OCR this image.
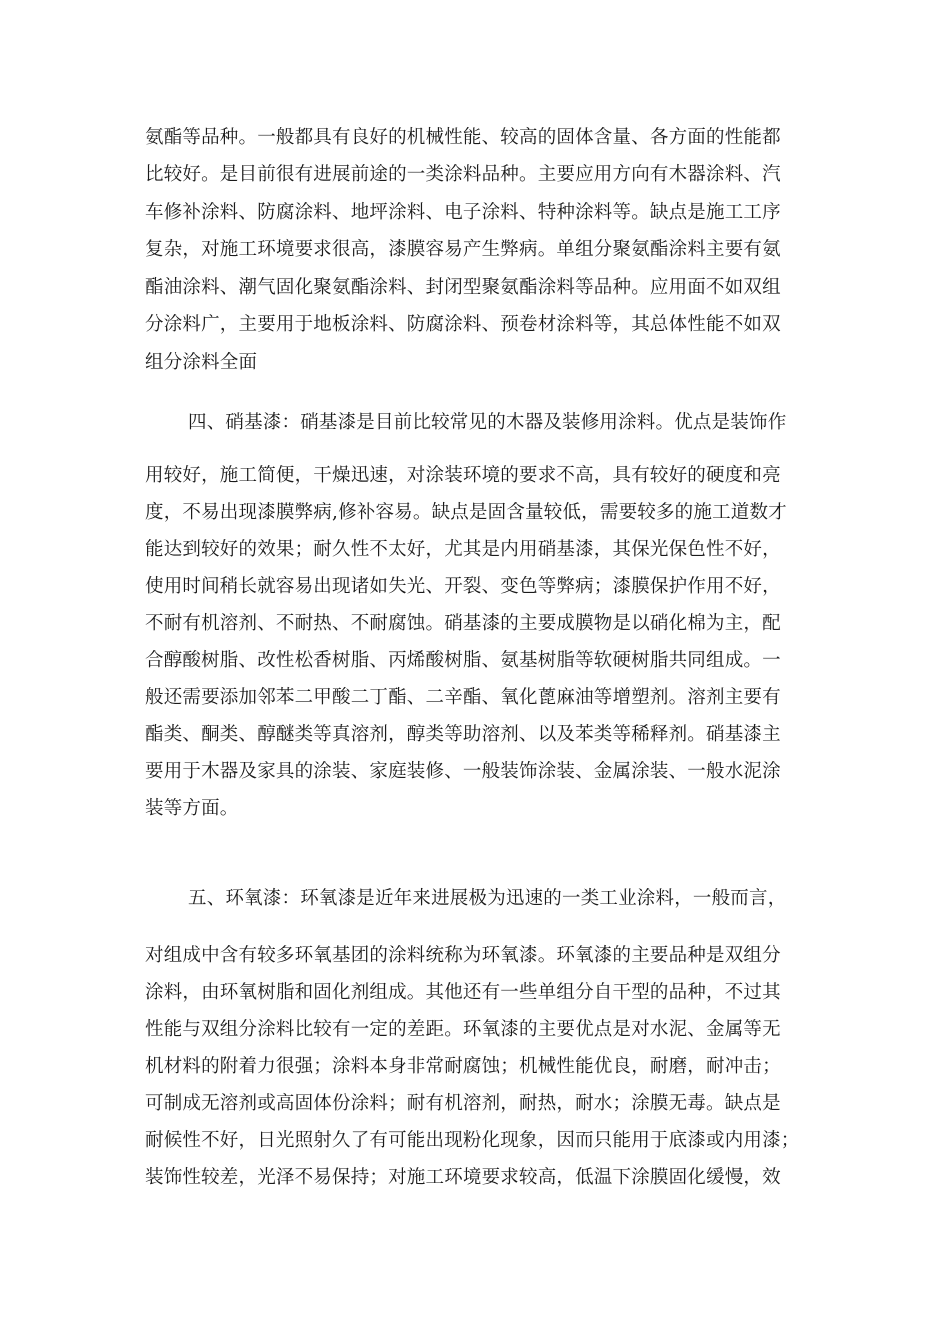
氨酯等品种。一般都具有良好的机械性能、较高的固体含量、各方面的性能都
比较好。是目前很有进展前途的一类涂料品种。主要应用方向有木器涂料、汽
车修补涂料、防腐涂料、地坪涂料、电子涂料、特种涂料等。缺点是施工工序
复杂，对施工环境要求很高，漆膜容易产生弊病。单组分聚氨酯涂料主要有氨
酯油涂料、潮气固化聚氨酯涂料、封闭型聚氨酯涂料等品种。应用面不如双组
分涂料广，主要用于地板涂料、防腐涂料、预卷材涂料等，其总体性能不如双
组分涂料全面
四、硝基漆：硝基漆是目前比较常见的木器及装修用涂料。优点是装饰作
用较好，施工简便，干燥迅速，对涂装环境的要求不高，具有较好的硬度和亮
度，不易出现漆膜弊病,修补容易。缺点是固含量较低，需要较多的施工道数才
能达到较好的效果；耐久性不太好，尤其是内用硝基漆，其保光保色性不好，
使用时间稍长就容易出现诸如失光、开裂、变色等弊病；漆膜保护作用不好，
不耐有机溶剂、不耐热、不耐腐蚀。硝基漆的主要成膜物是以硝化棉为主，配
合醇酸树脂、改性松香树脂、丙烯酸树脂、氨基树脂等软硬树脂共同组成。一
般还需要添加邻苯二甲酸二丁酯、二辛酯、氧化蓖麻油等增塑剂。溶剂主要有
酯类、酮类、醇醚类等真溶剂，醇类等助溶剂、以及苯类等稀释剂。硝基漆主
要用于木器及家具的涂装、家庭装修、一般装饰涂装、金属涂装、一般水泥涂
装等方面。
五、环氧漆：环氧漆是近年来进展极为迅速的一类工业涂料，一般而言，
对组成中含有较多环氧基团的涂料统称为环氧漆。环氧漆的主要品种是双组分
涂料，由环氧树脂和固化剂组成。其他还有一些单组分自干型的品种，不过其
性能与双组分涂料比较有一定的差距。环氧漆的主要优点是对水泥、金属等无
机材料的附着力很强；涂料本身非常耐腐蚀；机械性能优良，耐磨，耐冲击；
可制成无溶剂或高固体份涂料；耐有机溶剂，耐热，耐水；涂膜无毒。缺点是
耐候性不好，日光照射久了有可能出现粉化现象，因而只能用于底漆或内用漆；
装饰性较差，光泽不易保持；对施工环境要求较高，低温下涂膜固化缓慢，效
